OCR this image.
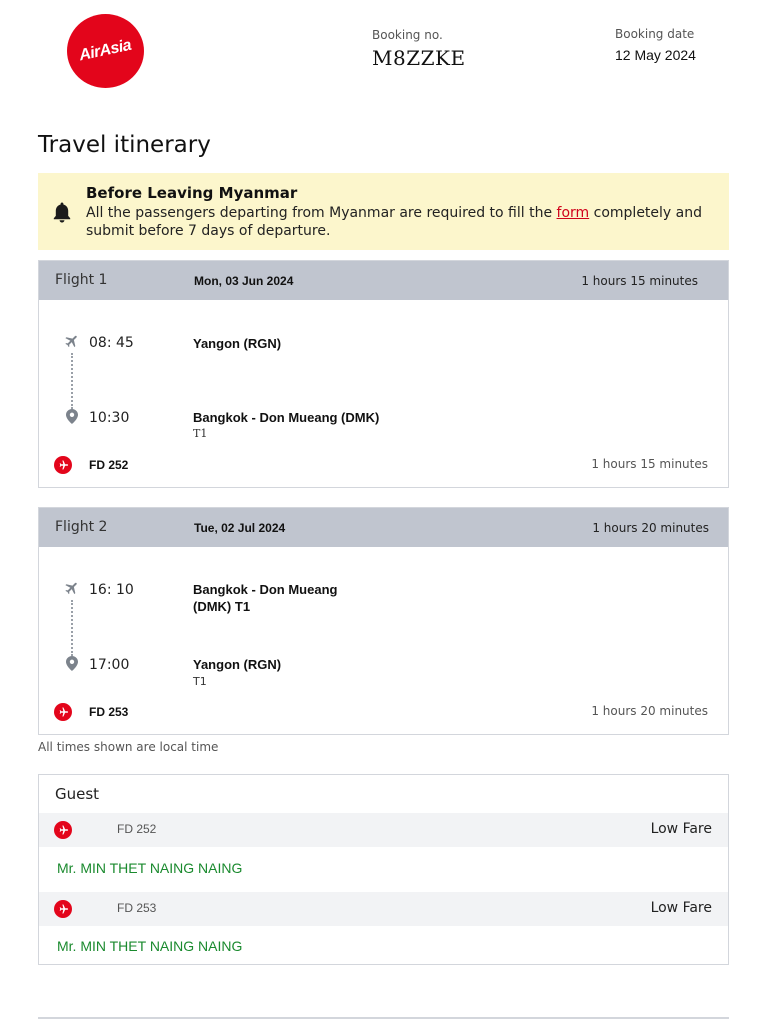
AirAsia
Booking no.
M8ZZKE
Booking date
12 May 2024
Travel itinerary
Before Leaving Myanmar
All the passengers departing from Myanmar are required to fill the form completely and submit before 7 days of departure.
Flight 1	Mon, 03 Jun 2024	1 hours 15 minutes
08: 45	Yangon (RGN)
10:30	Bangkok - Don Mueang (DMK)
T1
FD 252	1 hours 15 minutes
Flight 2	Tue, 02 Jul 2024	1 hours 20 minutes
16: 10	Bangkok - Don Mueang
(DMK) T1
17:00	Yangon (RGN)
T1
FD 253	1 hours 20 minutes
All times shown are local time
Guest
FD 252	Low Fare
Mr. MIN THET NAING NAING
FD 253	Low Fare
Mr. MIN THET NAING NAING
